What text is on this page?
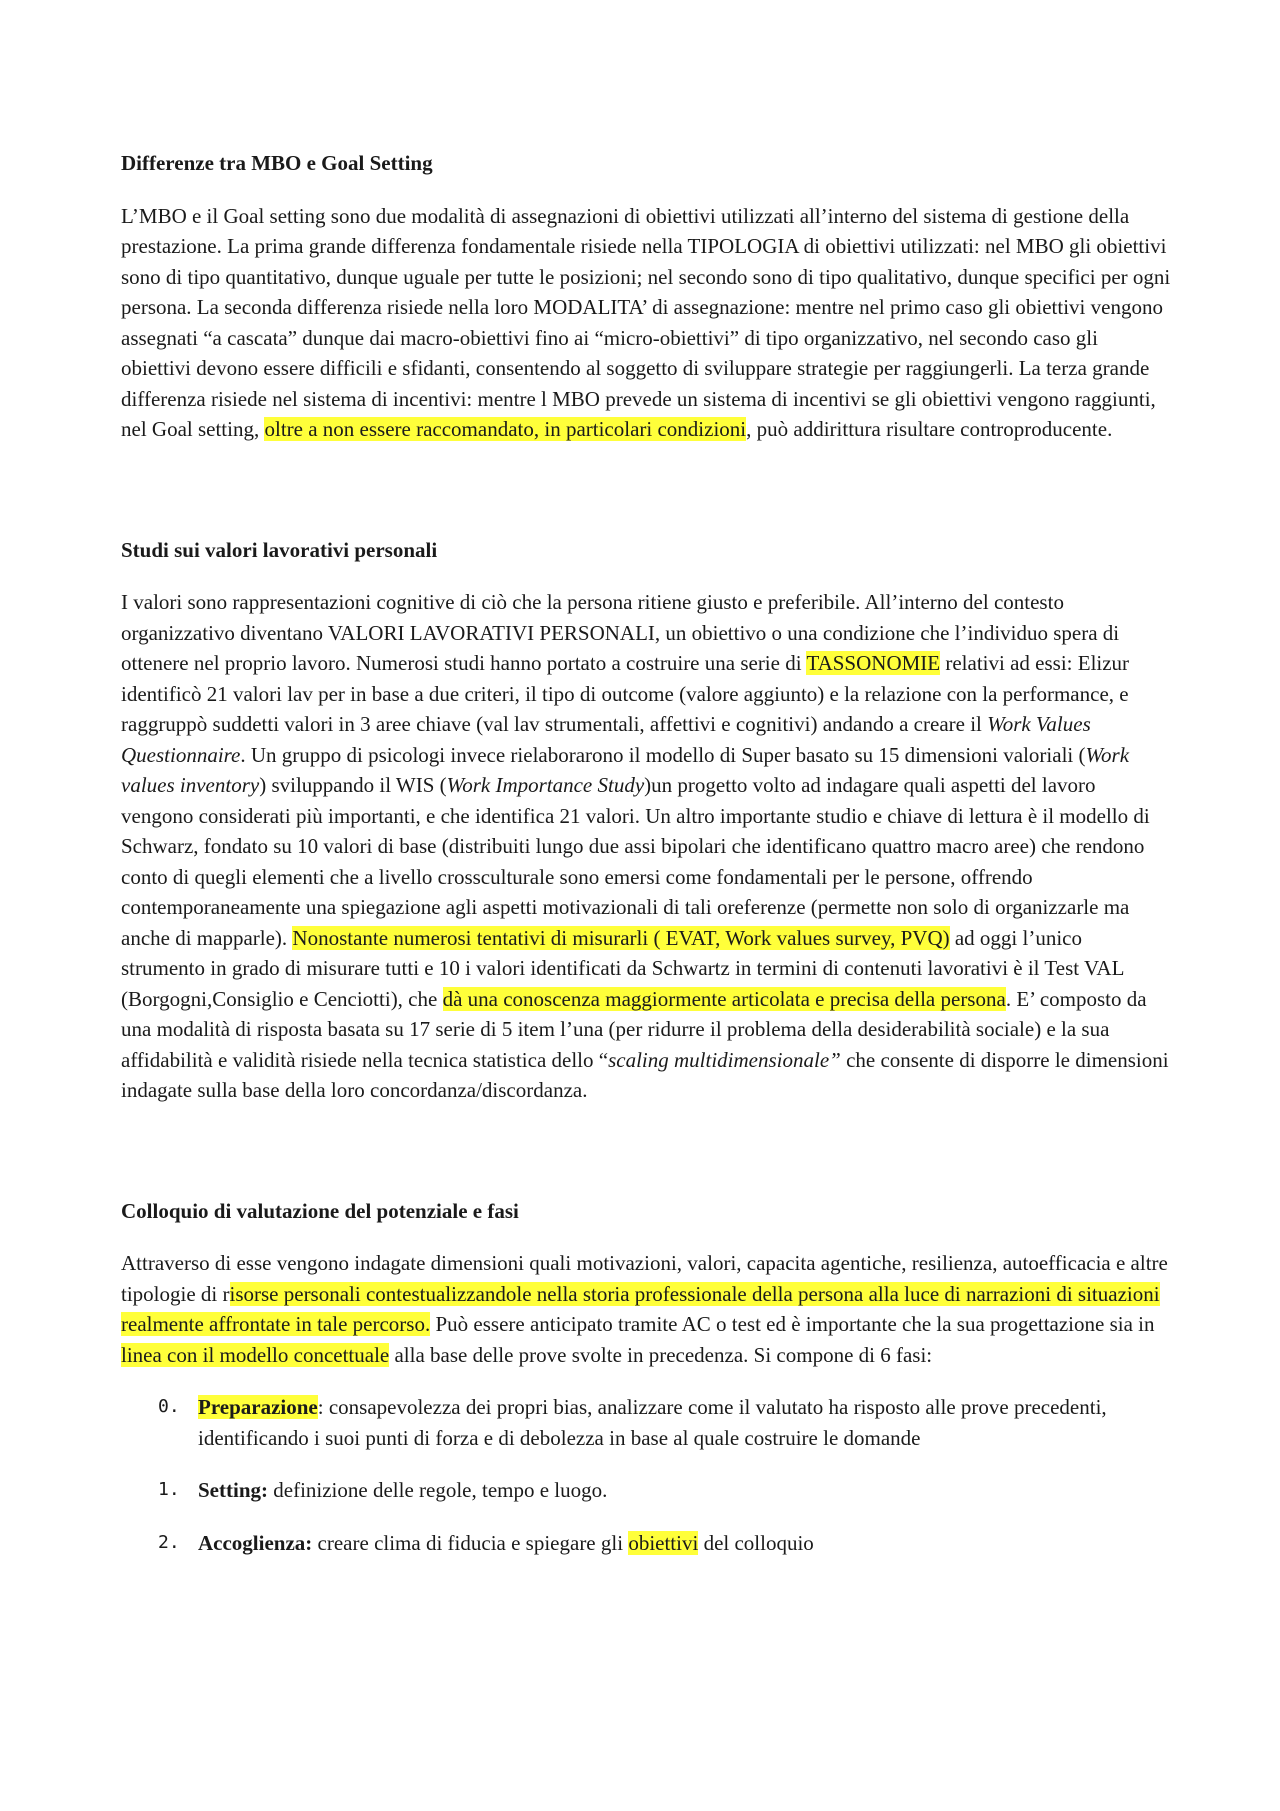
Differenze tra MBO e Goal Setting

L’MBO e il Goal setting sono due modalità di assegnazioni di obiettivi utilizzati all’interno del sistema di gestione della prestazione. La prima grande differenza fondamentale risiede nella TIPOLOGIA di obiettivi utilizzati: nel MBO gli obiettivi sono di tipo quantitativo, dunque uguale per tutte le posizioni; nel secondo sono di tipo qualitativo, dunque specifici per ogni persona. La seconda differenza risiede nella loro MODALITA’ di assegnazione: mentre nel primo caso gli obiettivi vengono assegnati “a cascata” dunque dai macro-obiettivi fino ai “micro-obiettivi” di tipo organizzativo, nel secondo caso gli obiettivi devono essere difficili e sfidanti, consentendo al soggetto di sviluppare strategie per raggiungerli. La terza grande differenza risiede nel sistema di incentivi: mentre l MBO prevede un sistema di incentivi se gli obiettivi vengono raggiunti, nel Goal setting, oltre a non essere raccomandato, in particolari condizioni, può addirittura risultare controproducente.

Studi sui valori lavorativi personali

I valori sono rappresentazioni cognitive di ciò che la persona ritiene giusto e preferibile. All’interno del contesto organizzativo diventano VALORI LAVORATIVI PERSONALI, un obiettivo o una condizione che l’individuo spera di ottenere nel proprio lavoro. Numerosi studi hanno portato a costruire una serie di TASSONOMIE relativi ad essi: Elizur identificò 21 valori lav per in base a due criteri, il tipo di outcome (valore aggiunto) e la relazione con la performance, e raggruppò suddetti valori in 3 aree chiave (val lav strumentali, affettivi e cognitivi) andando a creare il Work Values Questionnaire. Un gruppo di psicologi invece rielaborarono il modello di Super basato su 15 dimensioni valoriali (Work values inventory) sviluppando il WIS (Work Importance Study)un progetto volto ad indagare quali aspetti del lavoro vengono considerati più importanti, e che identifica 21 valori. Un altro importante studio e chiave di lettura è il modello di Schwarz, fondato su 10 valori di base (distribuiti lungo due assi bipolari che identificano quattro macro aree) che rendono conto di quegli elementi che a livello crossculturale sono emersi come fondamentali per le persone, offrendo contemporaneamente una spiegazione agli aspetti motivazionali di tali oreferenze (permette non solo di organizzarle ma anche di mapparle). Nonostante numerosi tentativi di misurarli ( EVAT, Work values survey, PVQ) ad oggi l’unico strumento in grado di misurare tutti e 10 i valori identificati da Schwartz in termini di contenuti lavorativi è il Test VAL (Borgogni,Consiglio e Cenciotti), che dà una conoscenza maggiormente articolata e precisa della persona. E’ composto da una modalità di risposta basata su 17 serie di 5 item l’una (per ridurre il problema della desiderabilità sociale) e la sua affidabilità e validità risiede nella tecnica statistica dello “scaling multidimensionale” che consente di disporre le dimensioni indagate sulla base della loro concordanza/discordanza.

Colloquio di valutazione del potenziale e fasi

Attraverso di esse vengono indagate dimensioni quali motivazioni, valori, capacita agentiche, resilienza, autoefficacia e altre tipologie di risorse personali contestualizzandole nella storia professionale della persona alla luce di narrazioni di situazioni realmente affrontate in tale percorso. Può essere anticipato tramite AC o test ed è importante che la sua progettazione sia in linea con il modello concettuale alla base delle prove svolte in precedenza. Si compone di 6 fasi:

0. Preparazione: consapevolezza dei propri bias, analizzare come il valutato ha risposto alle prove precedenti, identificando i suoi punti di forza e di debolezza in base al quale costruire le domande
1. Setting: definizione delle regole, tempo e luogo.
2. Accoglienza: creare clima di fiducia e spiegare gli obiettivi del colloquio
